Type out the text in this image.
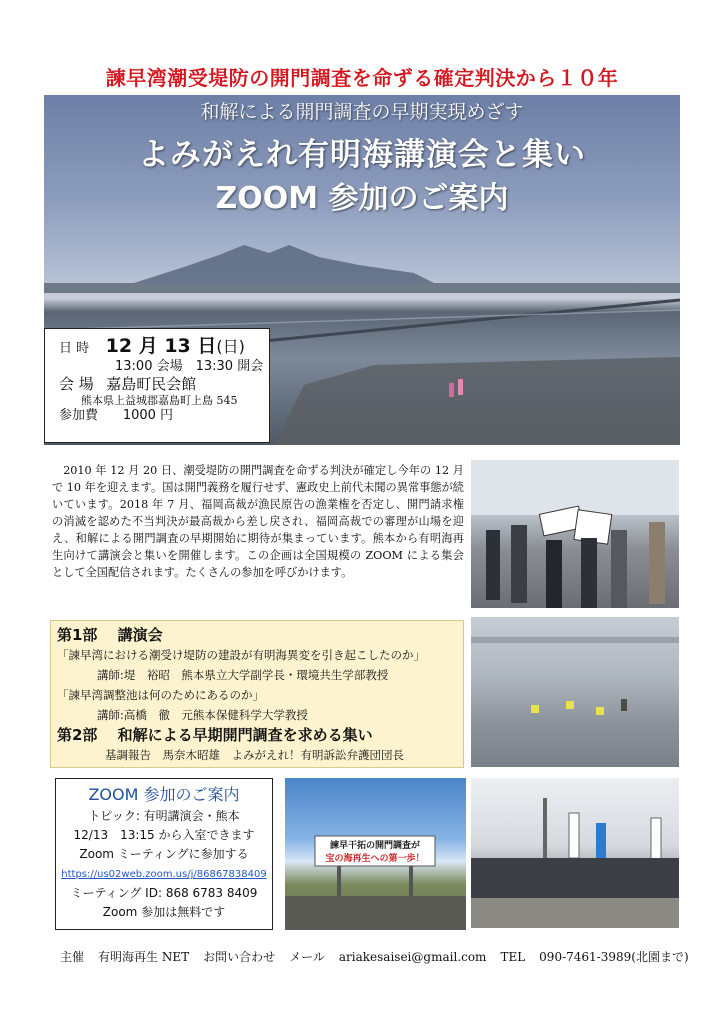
諫早湾潮受堤防の開門調査を命ずる確定判決から１０年
和解による開門調査の早期実現めざす
よみがえれ有明海講演会と集い
ZOOM 参加のご案内
日 時 12 月 13 日(日)
13:00 会場　13:30 開会
会 場 嘉島町民会館
熊本県上益城郡嘉島町上島 545
参加費 1000 円

2010 年 12 月 20 日、潮受堤防の開門調査を命ずる判決が確定し今年の 12 月で 10 年を迎えます。国は開門義務を履行せず、憲政史上前代未聞の異常事態が続いています。2018 年 7 月、福岡高裁が漁民原告の漁業権を否定し、開門請求権の消滅を認めた不当判決が最高裁から差し戻され、福岡高裁での審理が山場を迎え、和解による開門調査の早期開始に期待が集まっています。熊本から有明海再生向けて講演会と集いを開催します。この企画は全国規模の ZOOM による集会として全国配信されます。たくさんの参加を呼びかけます。

第1部　 講演会
「諫早湾における潮受け堤防の建設が有明海異変を引き起こしたのか」
講師:堤　裕昭　熊本県立大学副学長・環境共生学部教授
「諫早湾調整池は何のためにあるのか」
講師:高橋　徹　元熊本保健科学大学教授
第2部　 和解による早期開門調査を求める集い
基調報告　馬奈木昭雄　よみがえれ！有明訴訟弁護団団長
ZOOM 参加のご案内
トピック: 有明講演会・熊本
12/13　13:15 から入室できます
Zoom ミーティングに参加する
https://us02web.zoom.us/j/86867838409
ミーティング ID: 868 6783 8409
Zoom 参加は無料です
諫早干拓の開門調査が
宝の海再生への第一歩！
主催 有明海再生 NET お問い合わせ メール ariakesaisei@gmail.com TEL 090-7461-3989(北園まで)
